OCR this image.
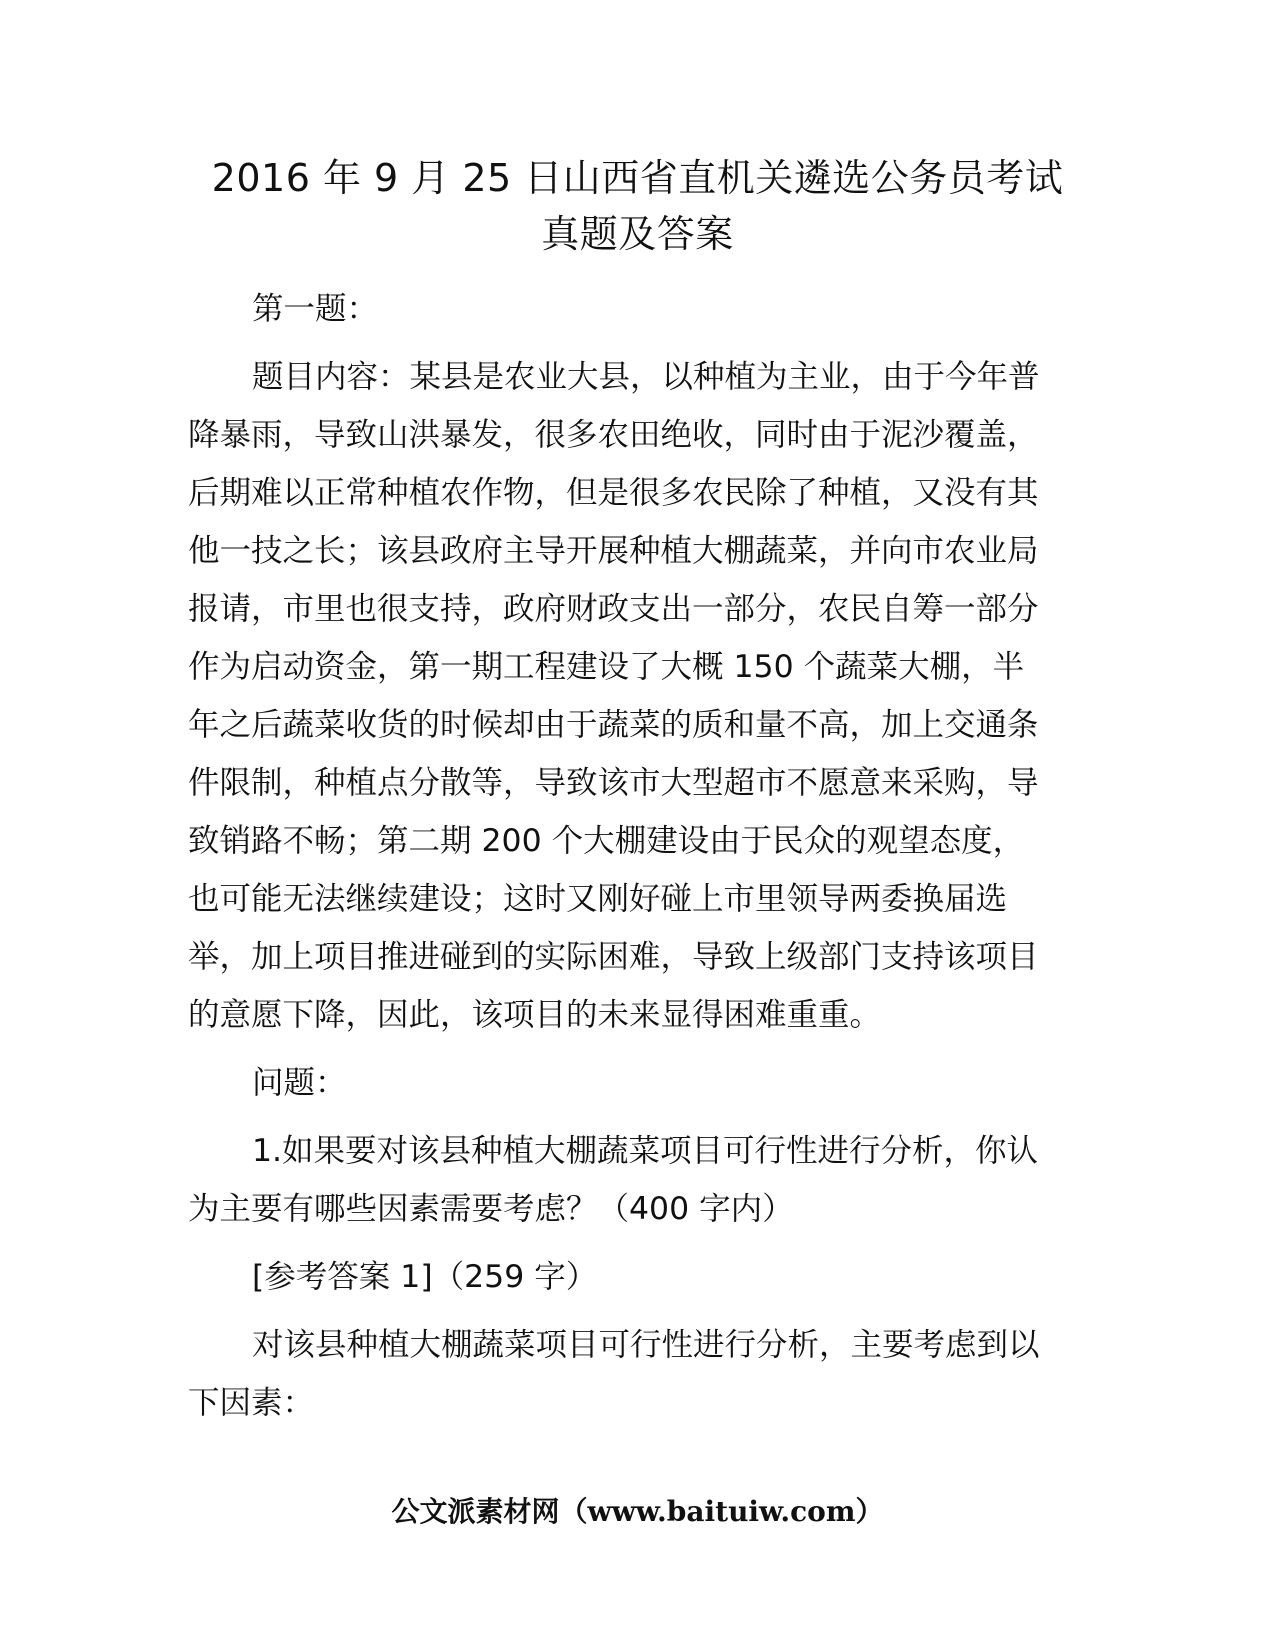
2016 年 9 月 25 日山西省直机关遴选公务员考试
真题及答案

第一题：

题目内容：某县是农业大县，以种植为主业，由于今年普
降暴雨，导致山洪暴发，很多农田绝收，同时由于泥沙覆盖，
后期难以正常种植农作物，但是很多农民除了种植，又没有其
他一技之长；该县政府主导开展种植大棚蔬菜，并向市农业局
报请，市里也很支持，政府财政支出一部分，农民自筹一部分
作为启动资金，第一期工程建设了大概 150 个蔬菜大棚，半
年之后蔬菜收货的时候却由于蔬菜的质和量不高，加上交通条
件限制，种植点分散等，导致该市大型超市不愿意来采购，导
致销路不畅；第二期 200 个大棚建设由于民众的观望态度，
也可能无法继续建设；这时又刚好碰上市里领导两委换届选
举，加上项目推进碰到的实际困难，导致上级部门支持该项目
的意愿下降，因此，该项目的未来显得困难重重。

问题：

1.如果要对该县种植大棚蔬菜项目可行性进行分析，你认
为主要有哪些因素需要考虑？（400 字内）

[参考答案 1]（259 字）

对该县种植大棚蔬菜项目可行性进行分析，主要考虑到以
下因素：

公文派素材网（www.baituiw.com）
